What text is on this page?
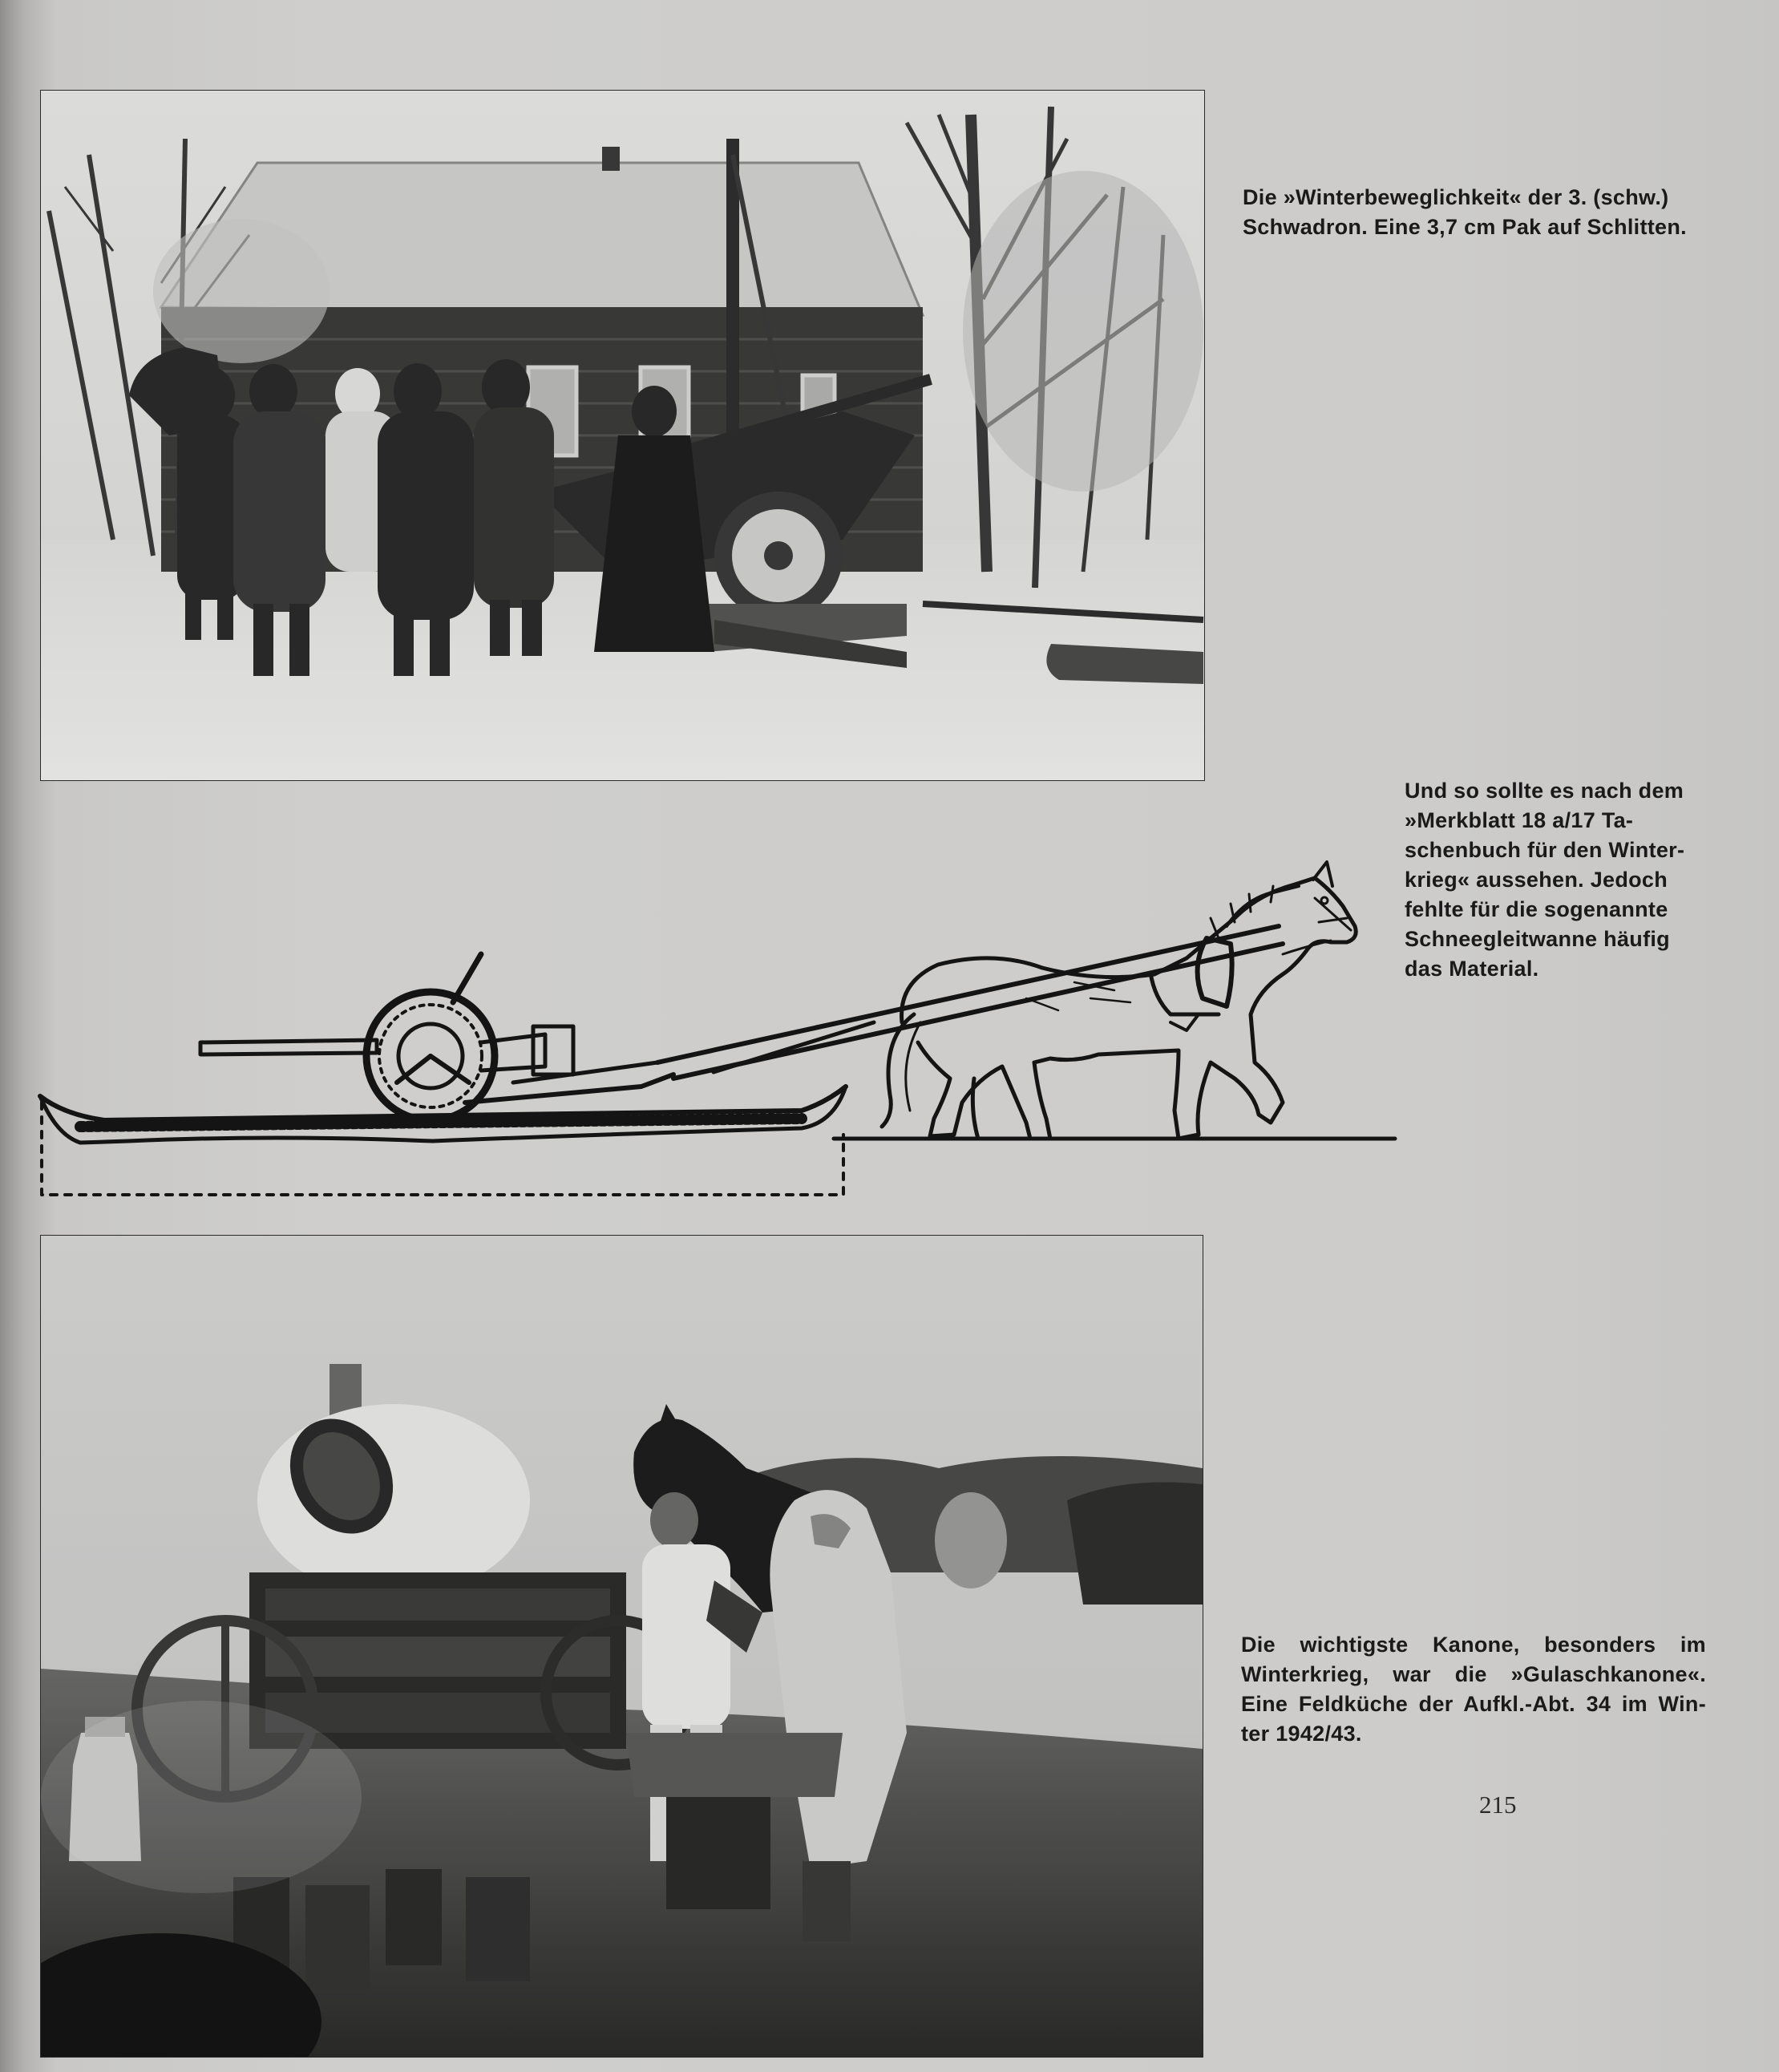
Die »Winterbeweglichkeit« der 3. (schw.)
Schwadron. Eine 3,7 cm Pak auf Schlitten.

Und so sollte es nach dem
»Merkblatt 18 a/17 Ta-
schenbuch für den Winter-
krieg« aussehen. Jedoch
fehlte für die sogenannte
Schneegleitwanne häufig
das Material.

Die wichtigste Kanone, besonders im
Winterkrieg, war die »Gulaschkanone«.
Eine Feldküche der Aufkl.-Abt. 34 im Win-
ter 1942/43.

215
